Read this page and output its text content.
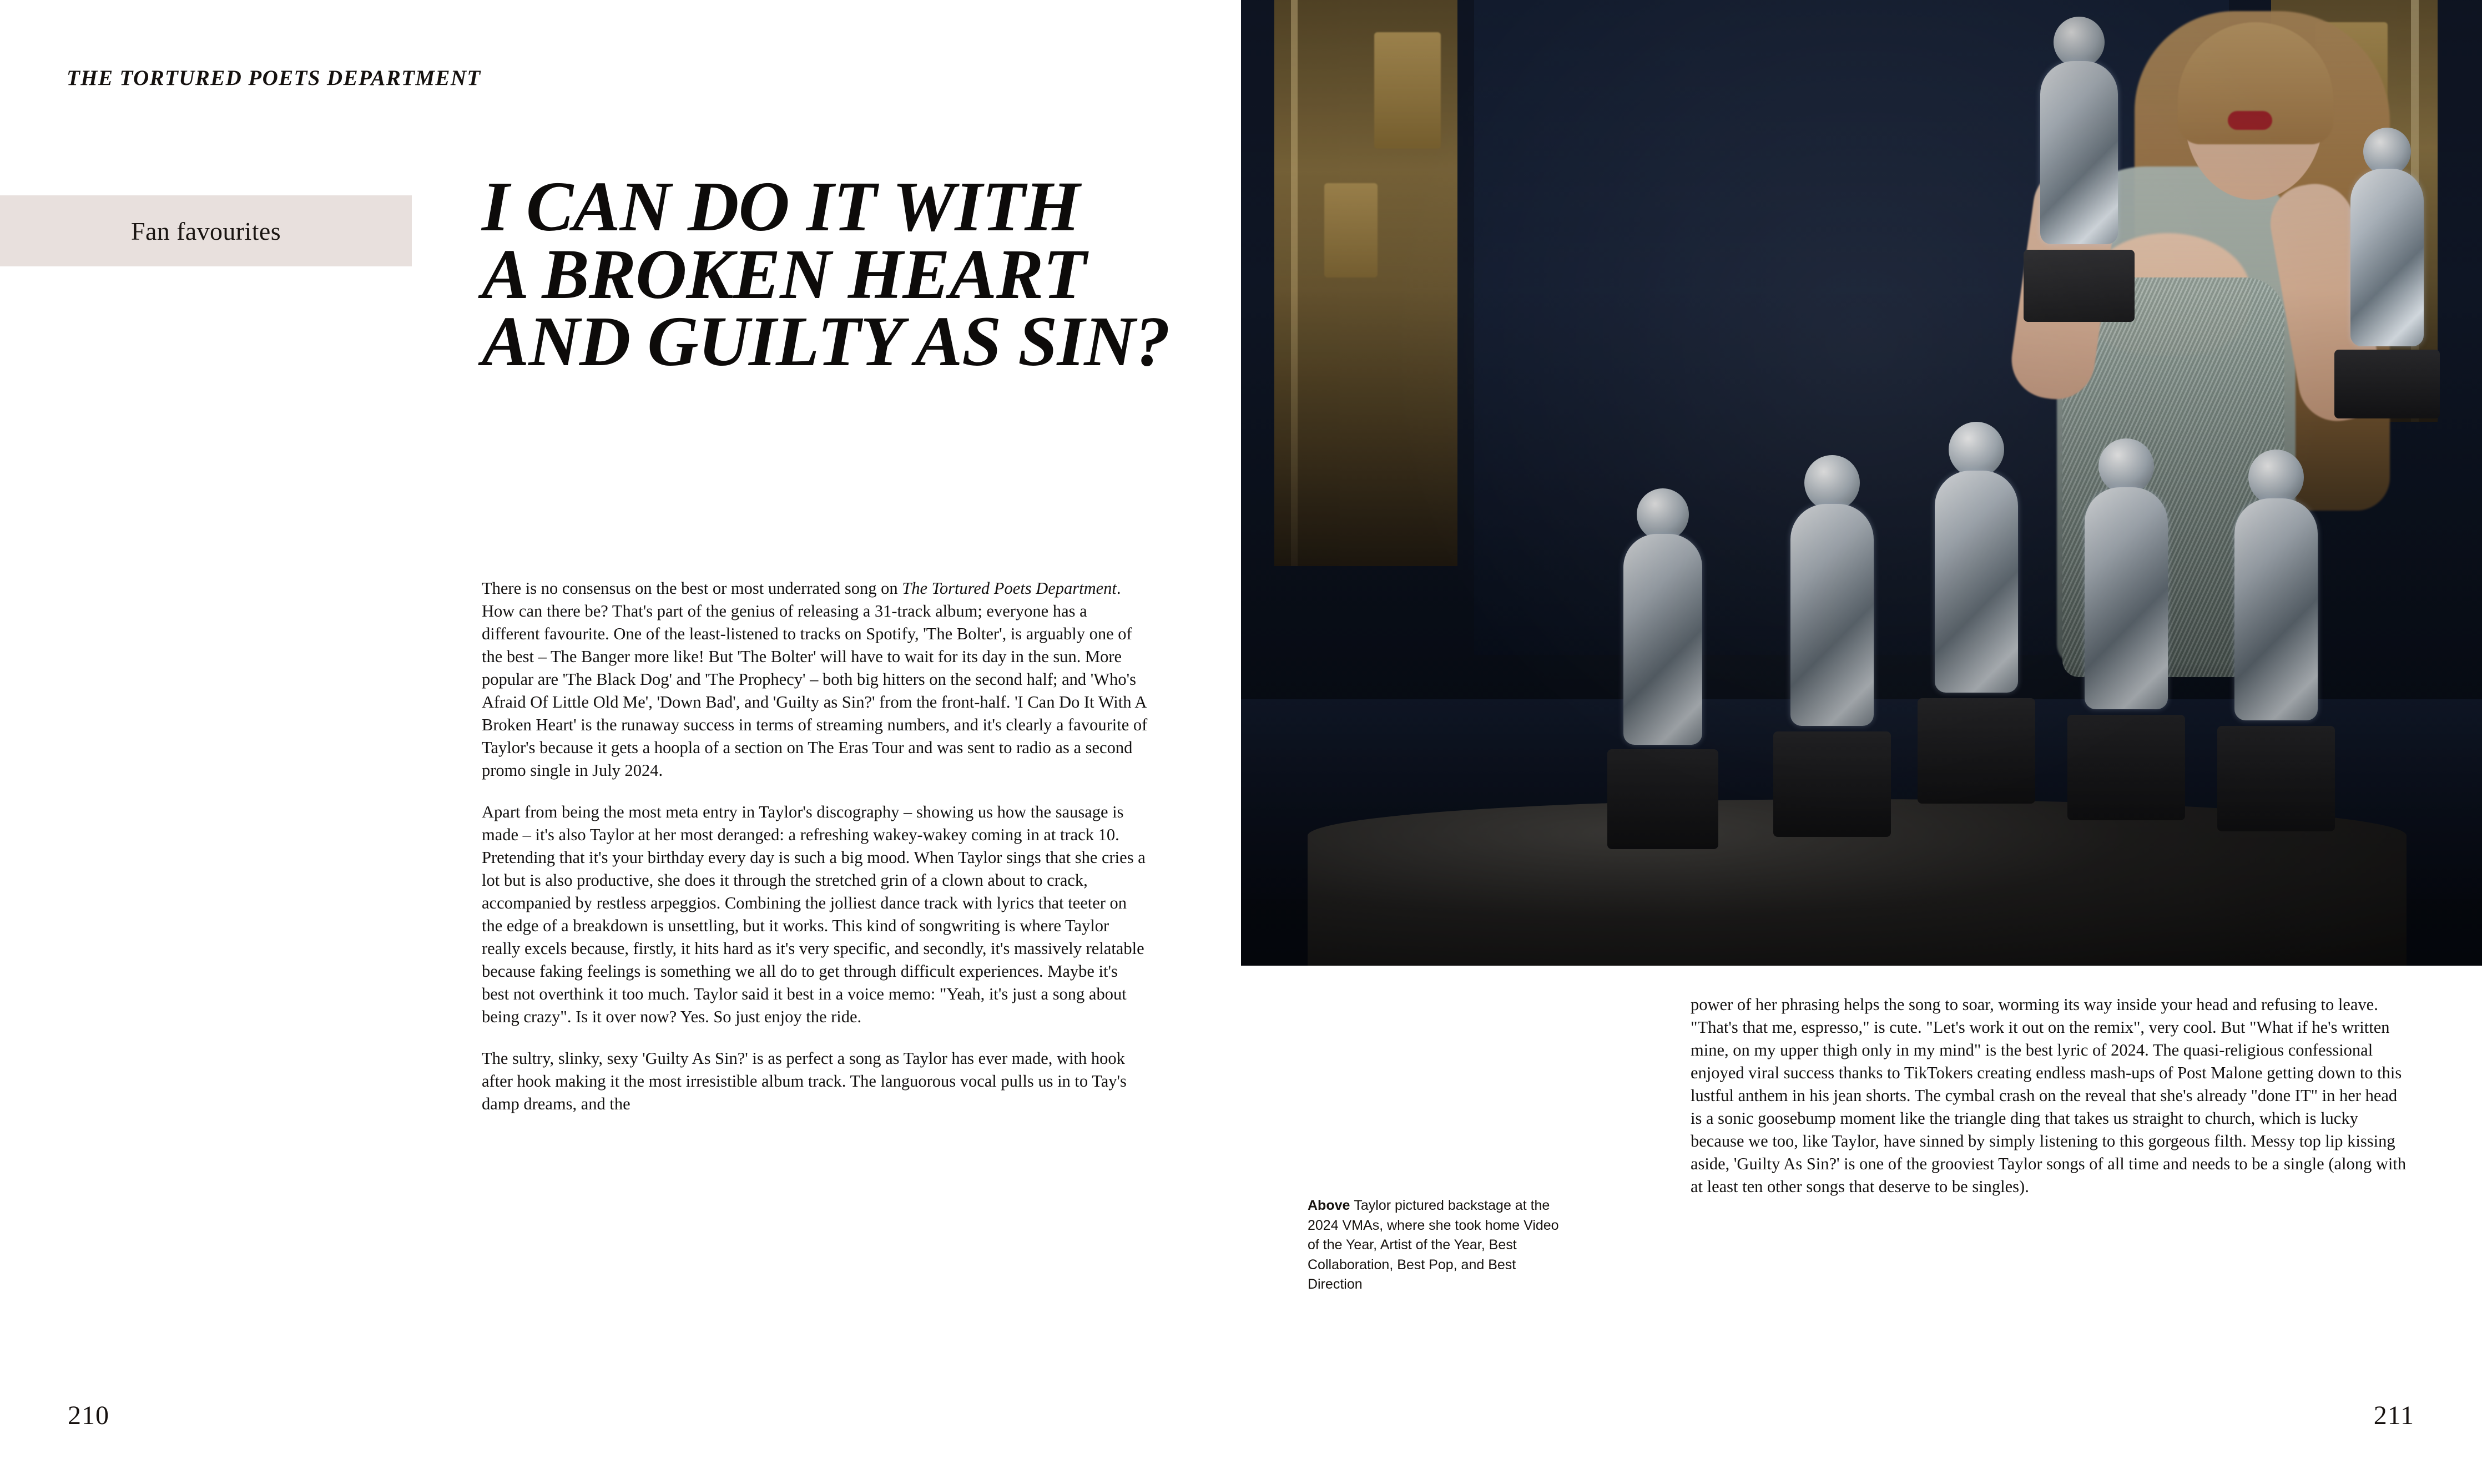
THE TORTURED POETS DEPARTMENT
Fan favourites	I CAN DO IT WITH
A BROKEN HEART
AND GUILTY AS SIN?

There is no consensus on the best or most underrated song on The Tortured Poets Department. How can there be? That's part of the genius of releasing a 31-track album; everyone has a different favourite. One of the least-listened to tracks on Spotify, 'The Bolter', is arguably one of the best – The Banger more like! But 'The Bolter' will have to wait for its day in the sun. More popular are 'The Black Dog' and 'The Prophecy' – both big hitters on the second half; and 'Who's Afraid Of Little Old Me', 'Down Bad', and 'Guilty as Sin?' from the front-half. 'I Can Do It With A Broken Heart' is the runaway success in terms of streaming numbers, and it's clearly a favourite of Taylor's because it gets a hoopla of a section on The Eras Tour and was sent to radio as a second promo single in July 2024.

Apart from being the most meta entry in Taylor's discography – showing us how the sausage is made – it's also Taylor at her most deranged: a refreshing wakey-wakey coming in at track 10. Pretending that it's your birthday every day is such a big mood. When Taylor sings that she cries a lot but is also productive, she does it through the stretched grin of a clown about to crack, accompanied by restless arpeggios. Combining the jolliest dance track with lyrics that teeter on the edge of a breakdown is unsettling, but it works. This kind of songwriting is where Taylor really excels because, firstly, it hits hard as it's very specific, and secondly, it's massively relatable because faking feelings is something we all do to get through difficult experiences. Maybe it's best not overthink it too much. Taylor said it best in a voice memo: "Yeah, it's just a song about being crazy". Is it over now? Yes. So just enjoy the ride.

The sultry, slinky, sexy 'Guilty As Sin?' is as perfect a song as Taylor has ever made, with hook after hook making it the most irresistible album track. The languorous vocal pulls us in to Tay's damp dreams, and the

210
Above Taylor pictured backstage at the 2024 VMAs, where she took home Video of the Year, Artist of the Year, Best Collaboration, Best Pop, and Best Direction

power of her phrasing helps the song to soar, worming its way inside your head and refusing to leave. "That's that me, espresso," is cute. "Let's work it out on the remix", very cool. But "What if he's written mine, on my upper thigh only in my mind" is the best lyric of 2024. The quasi-religious confessional enjoyed viral success thanks to TikTokers creating endless mash-ups of Post Malone getting down to this lustful anthem in his jean shorts. The cymbal crash on the reveal that she's already "done IT" in her head is a sonic goosebump moment like the triangle ding that takes us straight to church, which is lucky because we too, like Taylor, have sinned by simply listening to this gorgeous filth. Messy top lip kissing aside, 'Guilty As Sin?' is one of the grooviest Taylor songs of all time and needs to be a single (along with at least ten other songs that deserve to be singles).

211
